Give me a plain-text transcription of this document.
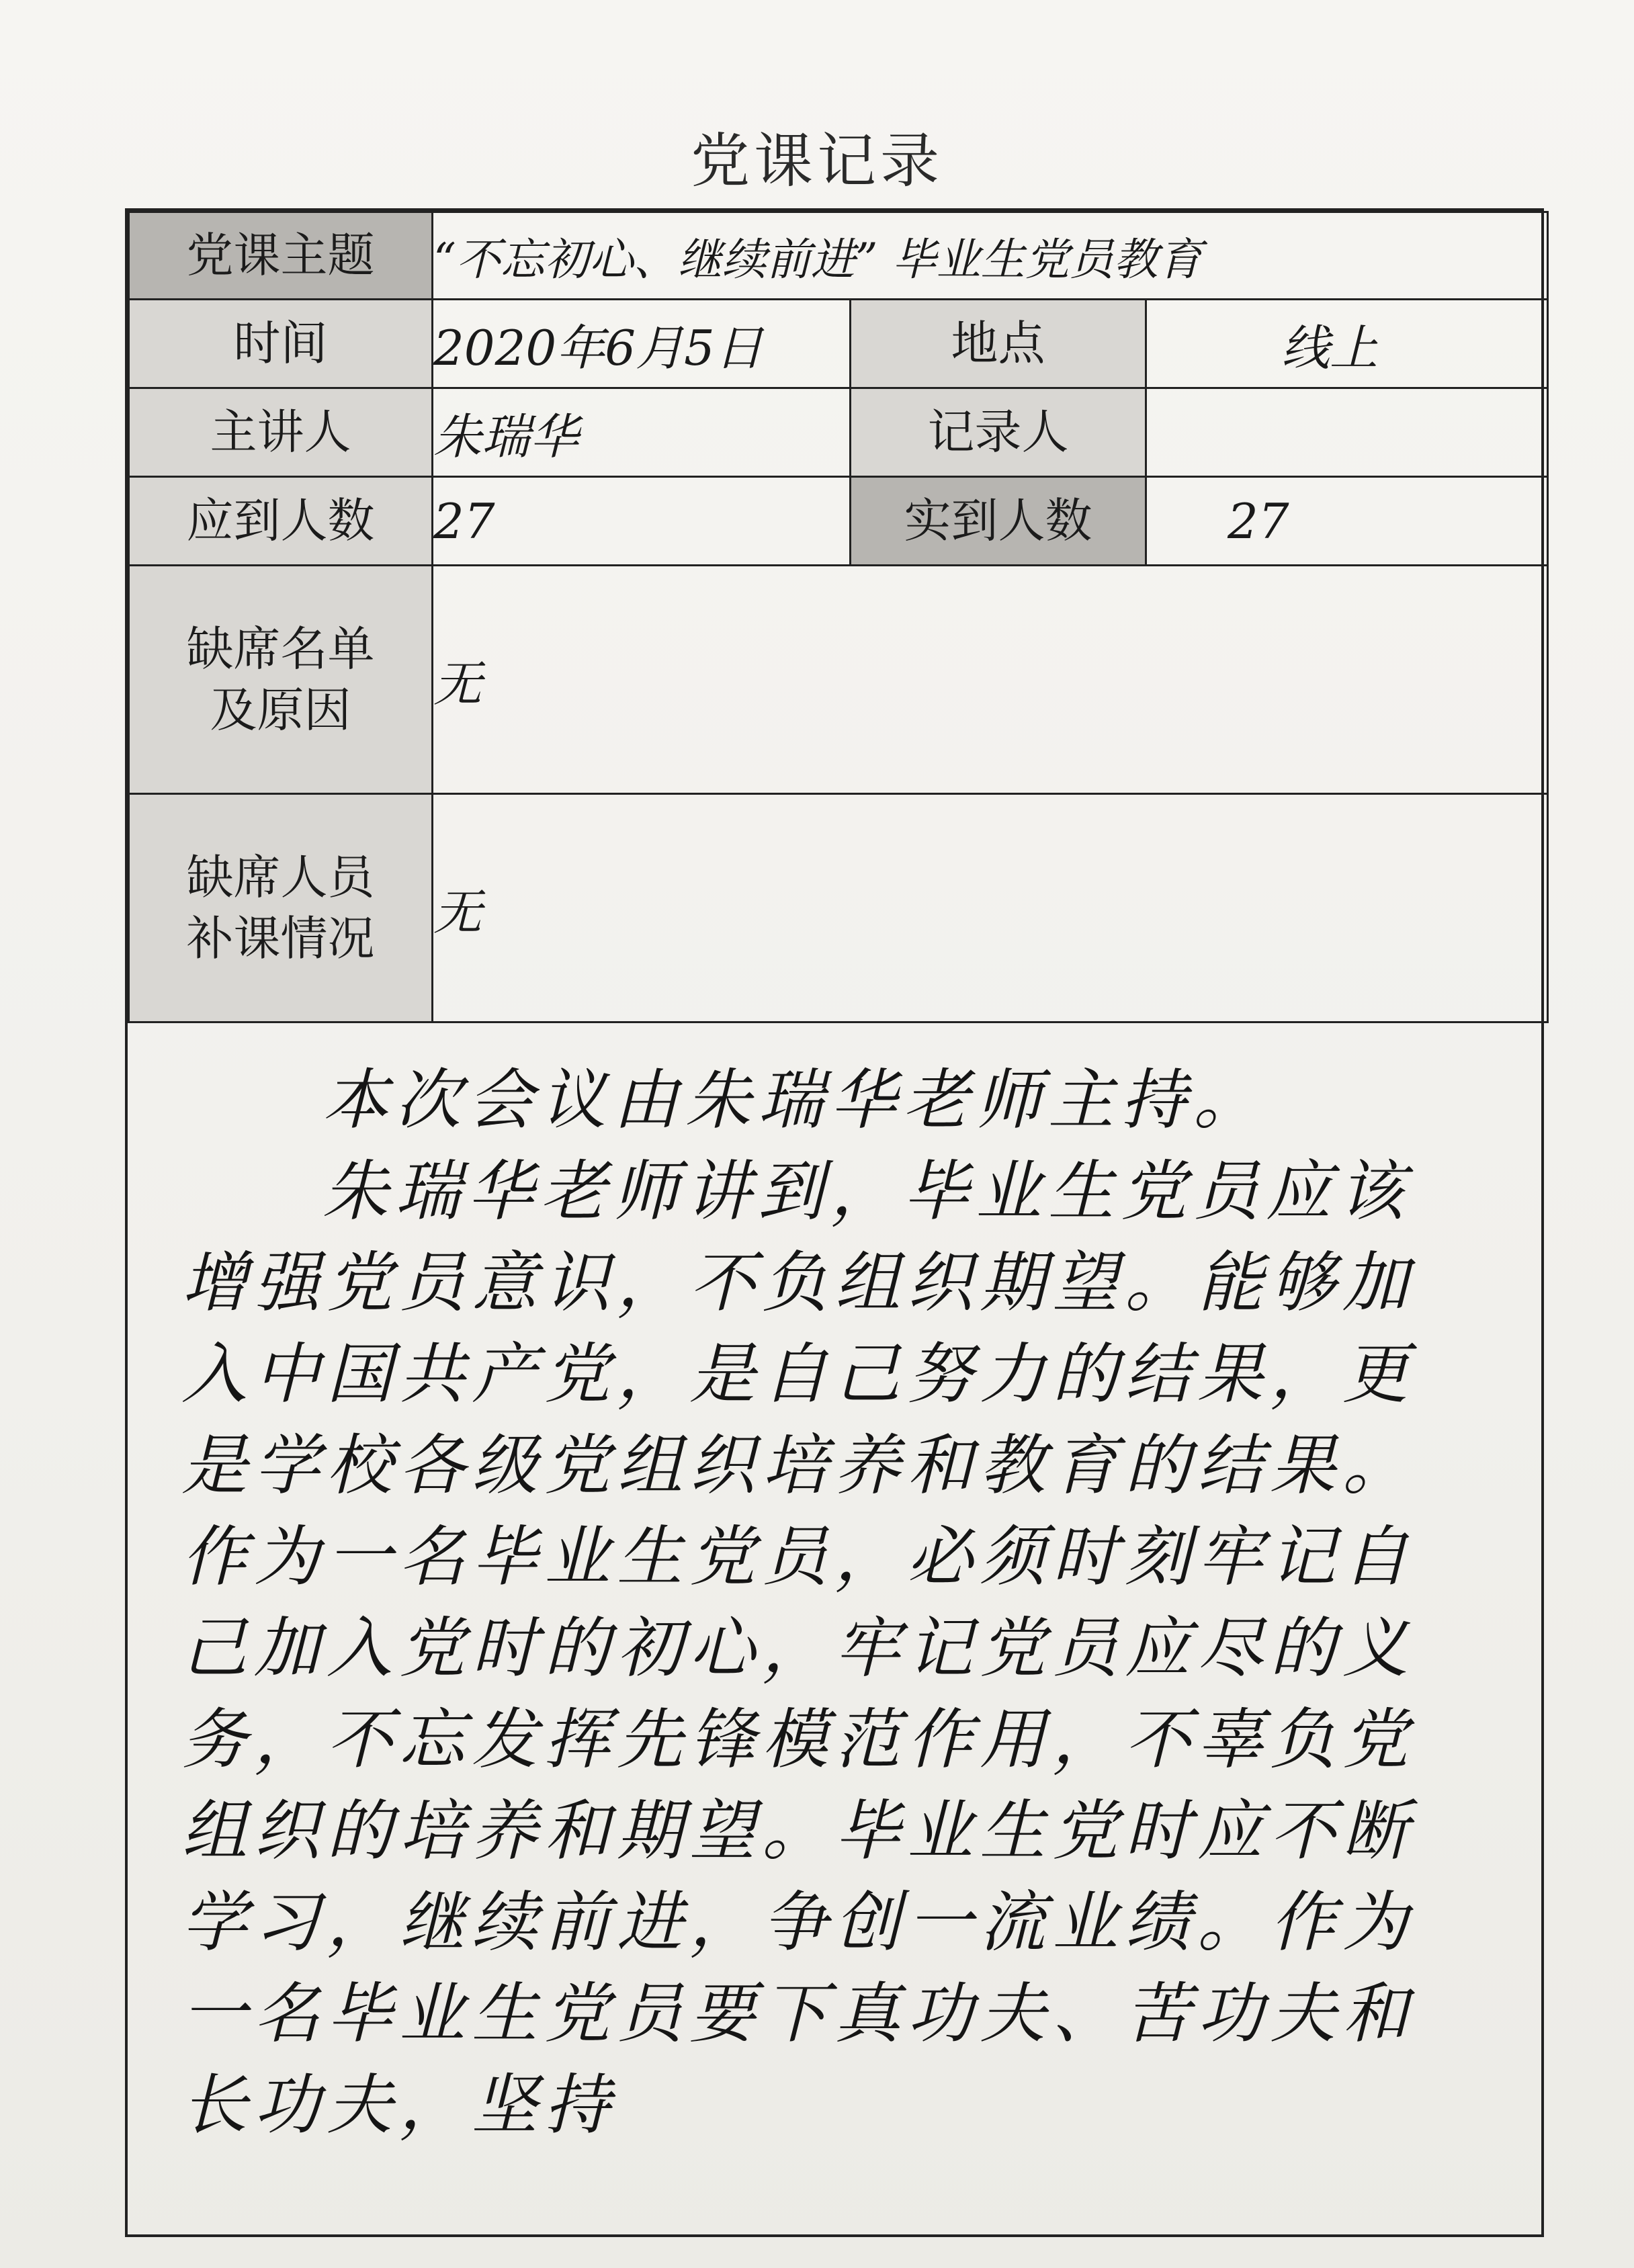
党课记录
党课主题	“不忘初心、继续前进” 毕业生党员教育		
时间	2020年6月5日	地点	线上
主讲人	朱瑞华	记录人	
应到人数	27	实到人数	27

缺席名单
及原因	无		

缺席人员
补课情况	无		

本次会议由朱瑞华老师主持。

朱瑞华老师讲到，毕业生党员应该增强党员意识，不负组织期望。能够加入中国共产党，是自己努力的结果，更是学校各级党组织培养和教育的结果。作为一名毕业生党员，必须时刻牢记自己加入党时的初心，牢记党员应尽的义务，不忘发挥先锋模范作用，不辜负党组织的培养和期望。毕业生党时应不断学习，继续前进，争创一流业绩。作为一名毕业生党员要下真功夫、苦功夫和长功夫，坚持
